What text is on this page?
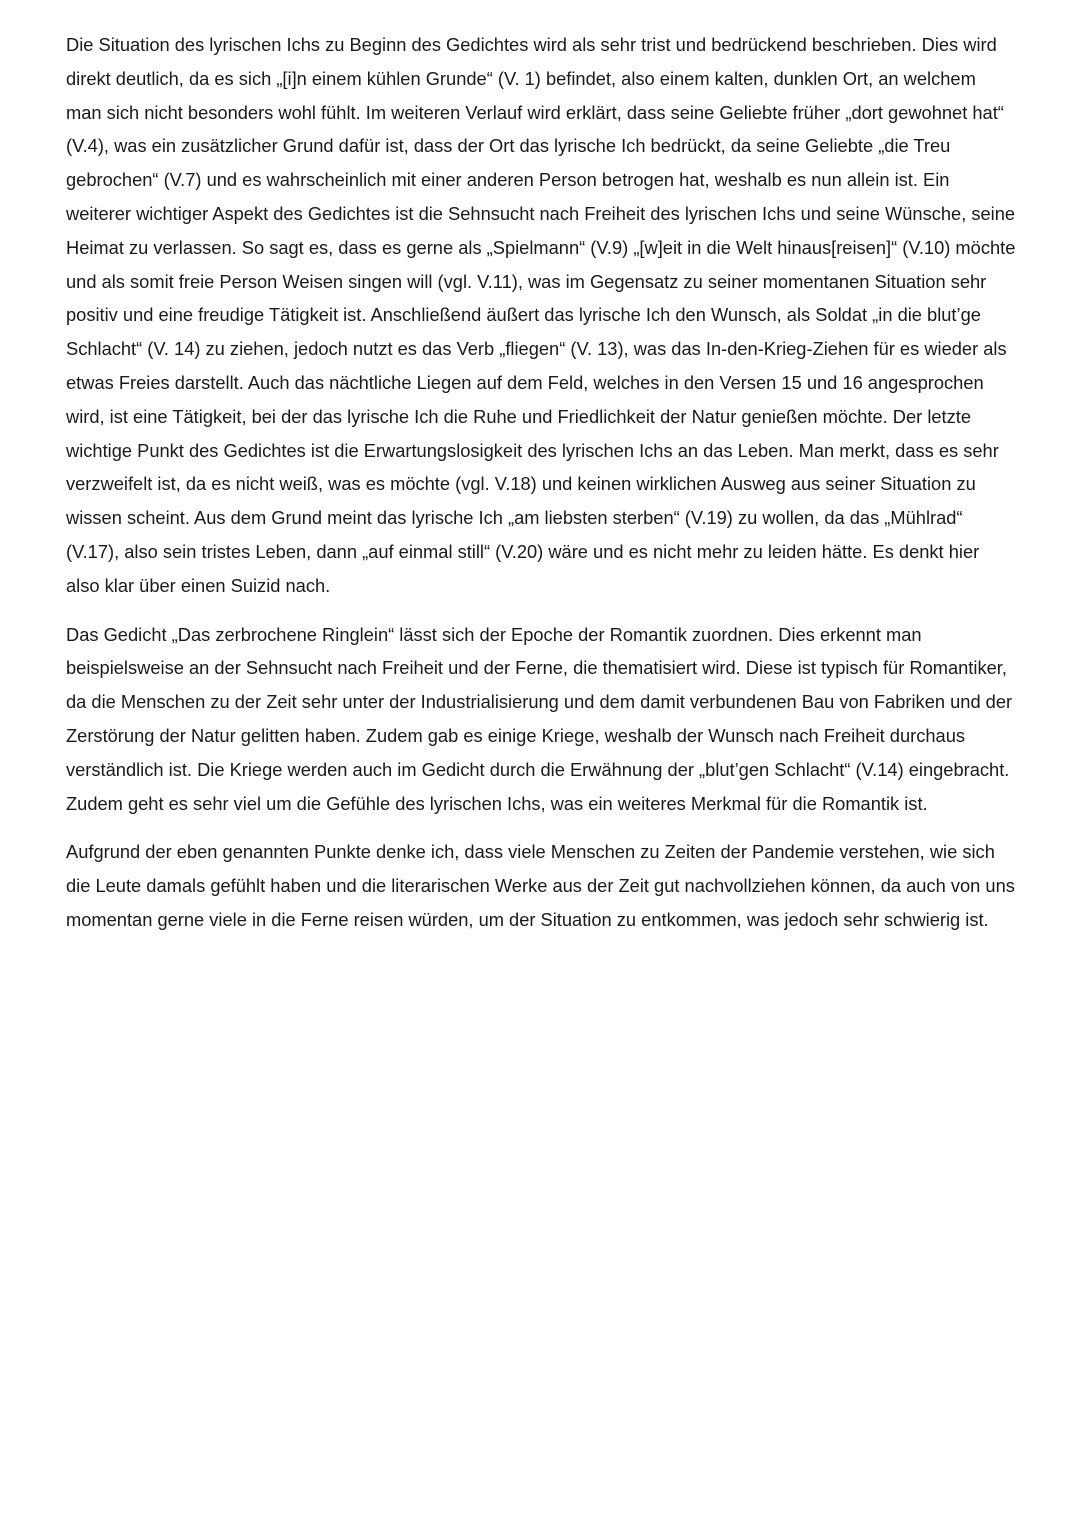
Die Situation des lyrischen Ichs zu Beginn des Gedichtes wird als sehr trist und bedrückend beschrieben. Dies wird direkt deutlich, da es sich „[i]n einem kühlen Grunde“ (V. 1) befindet, also einem kalten, dunklen Ort, an welchem man sich nicht besonders wohl fühlt. Im weiteren Verlauf wird erklärt, dass seine Geliebte früher „dort gewohnet hat“ (V.4), was ein zusätzlicher Grund dafür ist, dass der Ort das lyrische Ich bedrückt, da seine Geliebte „die Treu gebrochen“ (V.7) und es wahrscheinlich mit einer anderen Person betrogen hat, weshalb es nun allein ist. Ein weiterer wichtiger Aspekt des Gedichtes ist die Sehnsucht nach Freiheit des lyrischen Ichs und seine Wünsche, seine Heimat zu verlassen. So sagt es, dass es gerne als „Spielmann“ (V.9) „[w]eit in die Welt hinaus[reisen]“ (V.10) möchte und als somit freie Person Weisen singen will (vgl. V.11), was im Gegensatz zu seiner momentanen Situation sehr positiv und eine freudige Tätigkeit ist. Anschließend äußert das lyrische Ich den Wunsch, als Soldat „in die blut’ge Schlacht“ (V. 14) zu ziehen, jedoch nutzt es das Verb „fliegen“ (V. 13), was das In-den-Krieg-Ziehen für es wieder als etwas Freies darstellt. Auch das nächtliche Liegen auf dem Feld, welches in den Versen 15 und 16 angesprochen wird, ist eine Tätigkeit, bei der das lyrische Ich die Ruhe und Friedlichkeit der Natur genießen möchte. Der letzte wichtige Punkt des Gedichtes ist die Erwartungslosigkeit des lyrischen Ichs an das Leben. Man merkt, dass es sehr verzweifelt ist, da es nicht weiß, was es möchte (vgl. V.18) und keinen wirklichen Ausweg aus seiner Situation zu wissen scheint. Aus dem Grund meint das lyrische Ich „am liebsten sterben“ (V.19) zu wollen, da das „Mühlrad“ (V.17), also sein tristes Leben, dann „auf einmal still“ (V.20) wäre und es nicht mehr zu leiden hätte. Es denkt hier also klar über einen Suizid nach.

Das Gedicht „Das zerbrochene Ringlein“ lässt sich der Epoche der Romantik zuordnen. Dies erkennt man beispielsweise an der Sehnsucht nach Freiheit und der Ferne, die thematisiert wird. Diese ist typisch für Romantiker, da die Menschen zu der Zeit sehr unter der Industrialisierung und dem damit verbundenen Bau von Fabriken und der Zerstörung der Natur gelitten haben. Zudem gab es einige Kriege, weshalb der Wunsch nach Freiheit durchaus verständlich ist. Die Kriege werden auch im Gedicht durch die Erwähnung der „blut’gen Schlacht“ (V.14) eingebracht. Zudem geht es sehr viel um die Gefühle des lyrischen Ichs, was ein weiteres Merkmal für die Romantik ist.

Aufgrund der eben genannten Punkte denke ich, dass viele Menschen zu Zeiten der Pandemie verstehen, wie sich die Leute damals gefühlt haben und die literarischen Werke aus der Zeit gut nachvollziehen können, da auch von uns momentan gerne viele in die Ferne reisen würden, um der Situation zu entkommen, was jedoch sehr schwierig ist.
